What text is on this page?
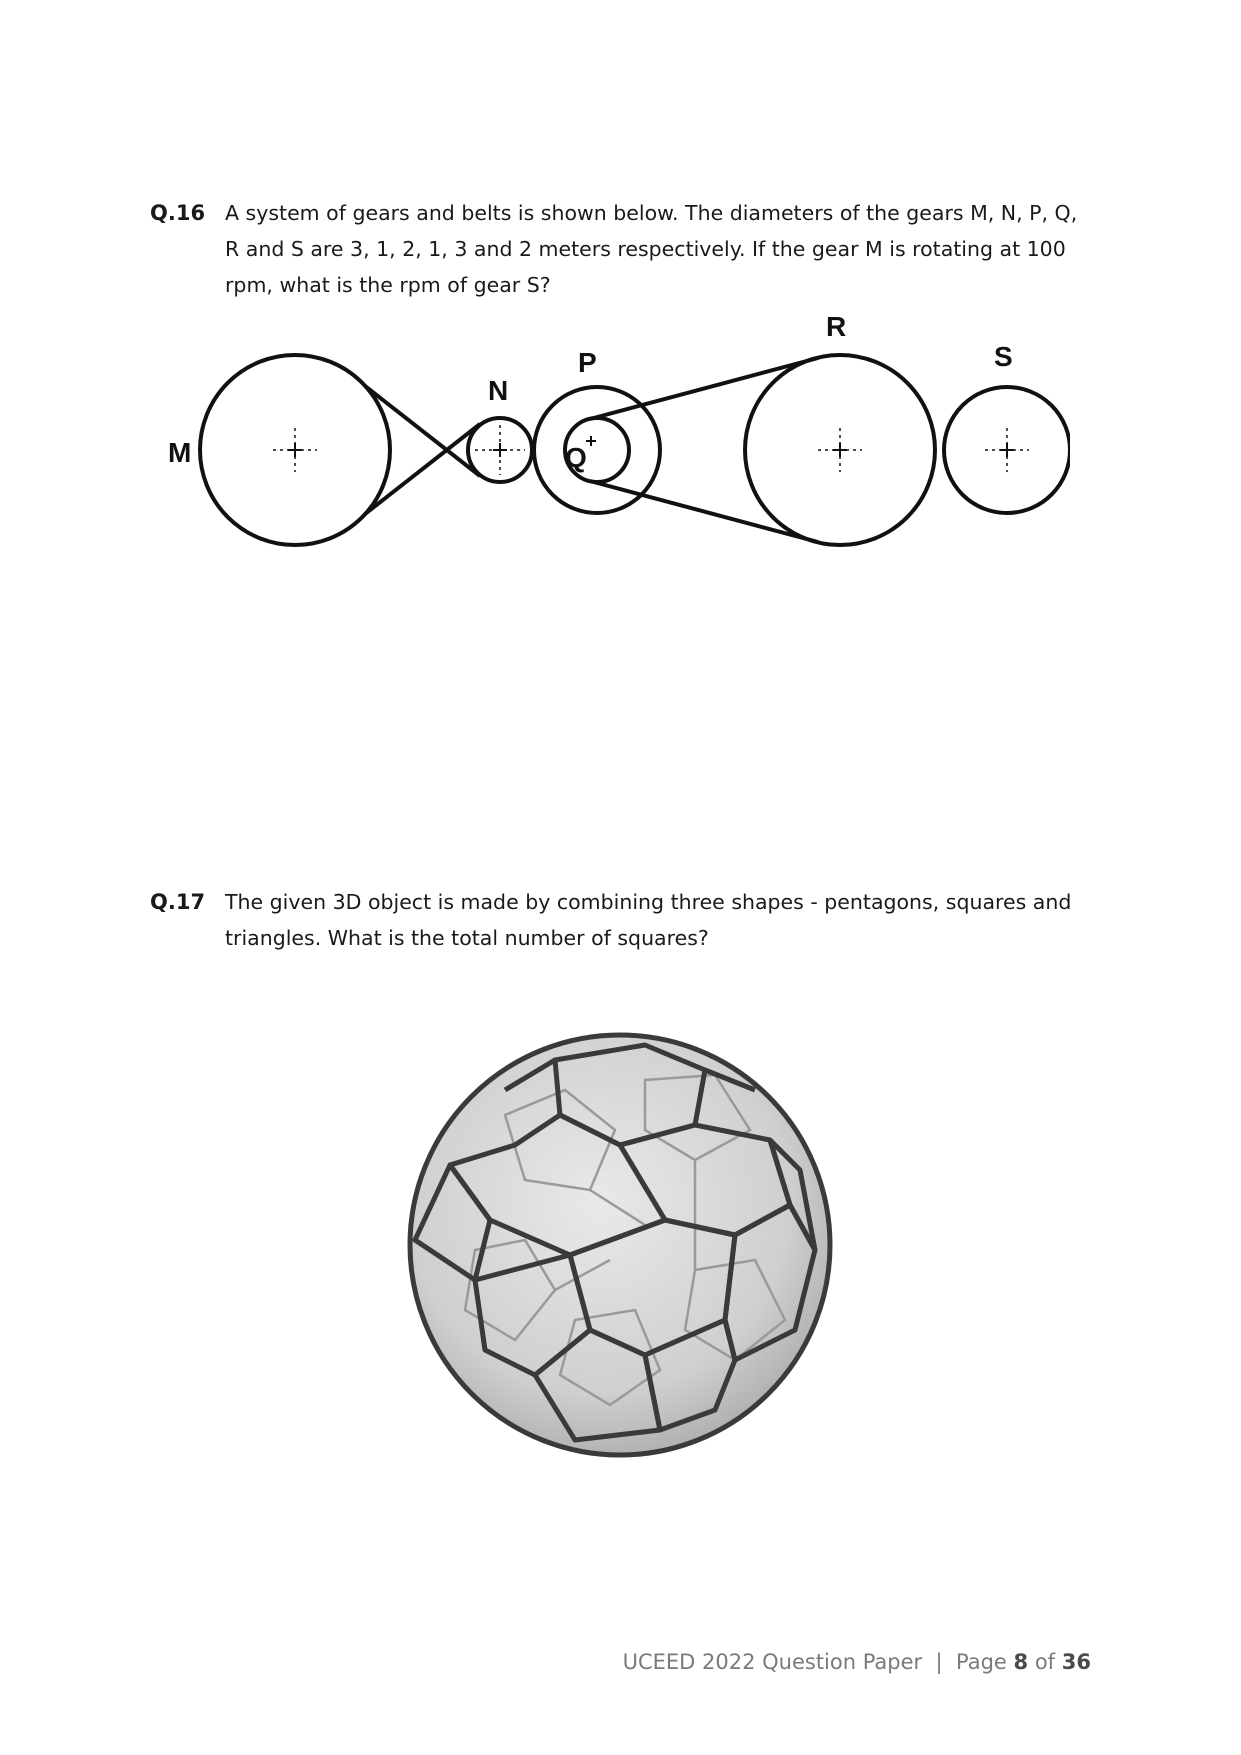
Q.16 A system of gears and belts is shown below. The diameters of the gears M, N, P, Q, R and S are 3, 1, 2, 1, 3 and 2 meters respectively. If the gear M is rotating at 100 rpm, what is the rpm of gear S?

M
N
P
Q
R
S
Q.17 The given 3D object is made by combining three shapes - pentagons, squares and triangles. What is the total number of squares?

UCEED 2022 Question Paper | Page 8 of 36
